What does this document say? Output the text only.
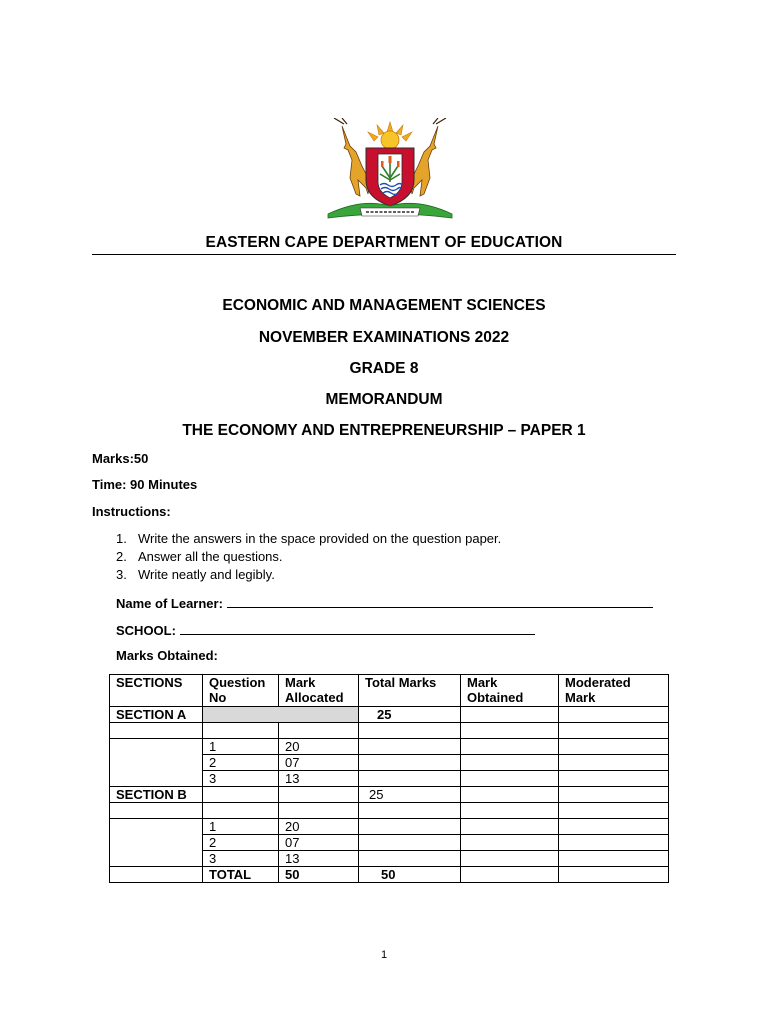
EASTERN CAPE DEPARTMENT OF EDUCATION
ECONOMIC AND MANAGEMENT SCIENCES
NOVEMBER EXAMINATIONS 2022
GRADE 8
MEMORANDUM
THE ECONOMY AND ENTREPRENEURSHIP – PAPER 1
Marks:50
Time: 90 Minutes
Instructions:
1. Write the answers in the space provided on the question paper.
2. Answer all the questions.
3. Write neatly and legibly.
Name of Learner:
SCHOOL:
Marks Obtained:
SECTIONS	Question No	Mark Allocated	Total Marks	Mark Obtained	Moderated Mark
SECTION A			25		

	1	20			
	2	07			
	3	13			
SECTION B			25		

	1	20			
	2	07			
	3	13			
	TOTAL	50	50		
1
